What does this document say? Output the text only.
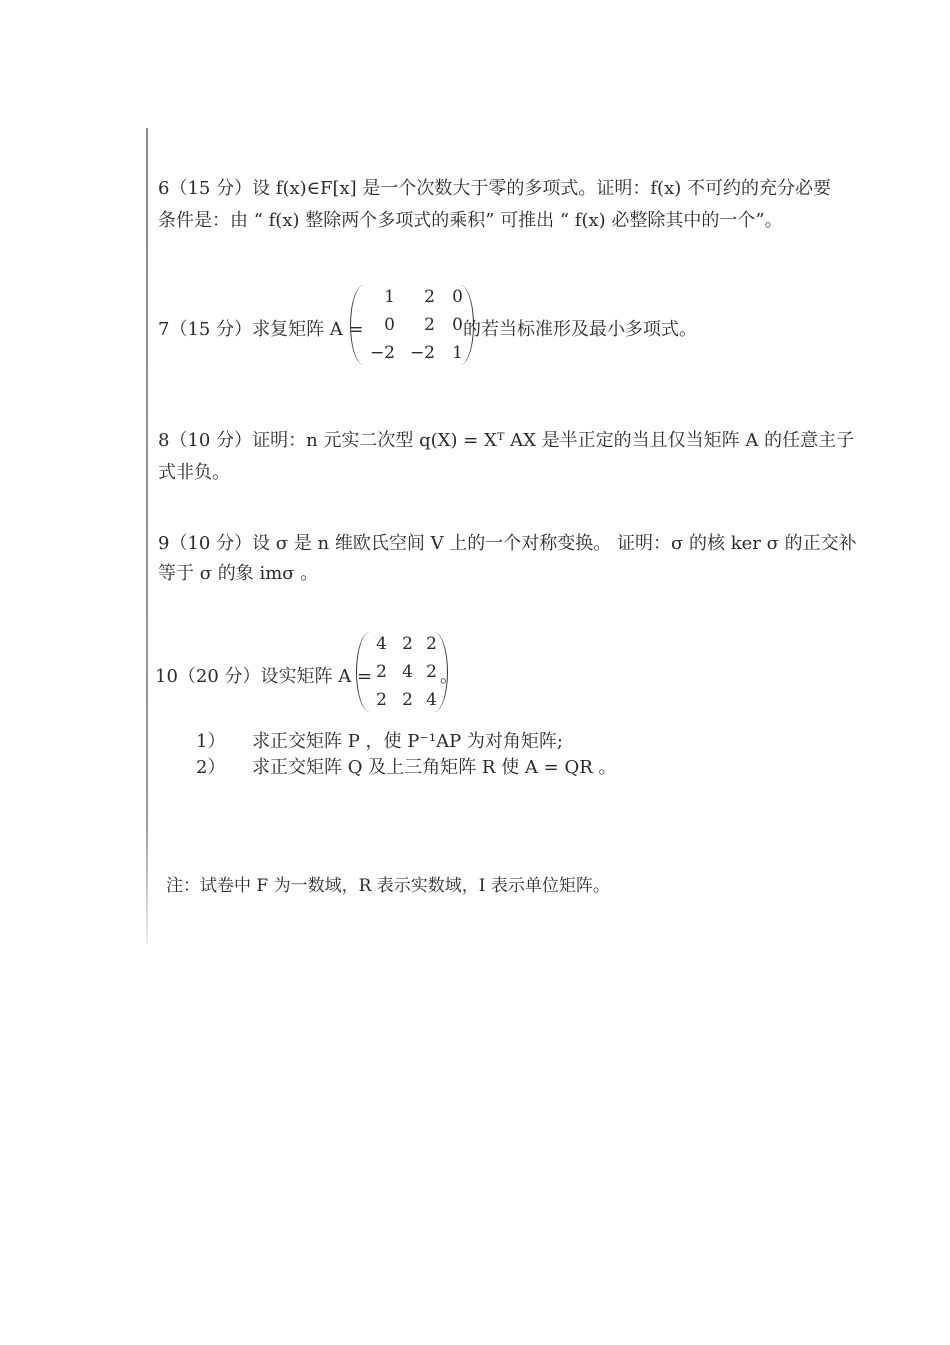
6（15 分）设 f(x)∈F[x] 是一个次数大于零的多项式。证明：f(x) 不可约的充分必要
条件是：由 “ f(x) 整除两个多项式的乘积” 可推出 “ f(x) 必整除其中的一个”。
7（15 分）求复矩阵 A =
1	2	0
0	2	0
−2 −2	1
的若当标准形及最小多项式。
8（10 分）证明：n 元实二次型 q(X) = Xᵀ AX 是半正定的当且仅当矩阵 A 的任意主子
式非负。
9（10 分）设 σ 是 n 维欧氏空间 V 上的一个对称变换。 证明：σ 的核 ker σ 的正交补
等于 σ 的象 imσ 。
10（20 分）设实矩阵 A =
4 2 2
2 4 2
2 2 4
。
1） 求正交矩阵 P ，使 P⁻¹AP 为对角矩阵;
2） 求正交矩阵 Q 及上三角矩阵 R 使 A = QR 。
注：试卷中 F 为一数域，R 表示实数域，I 表示单位矩阵。
